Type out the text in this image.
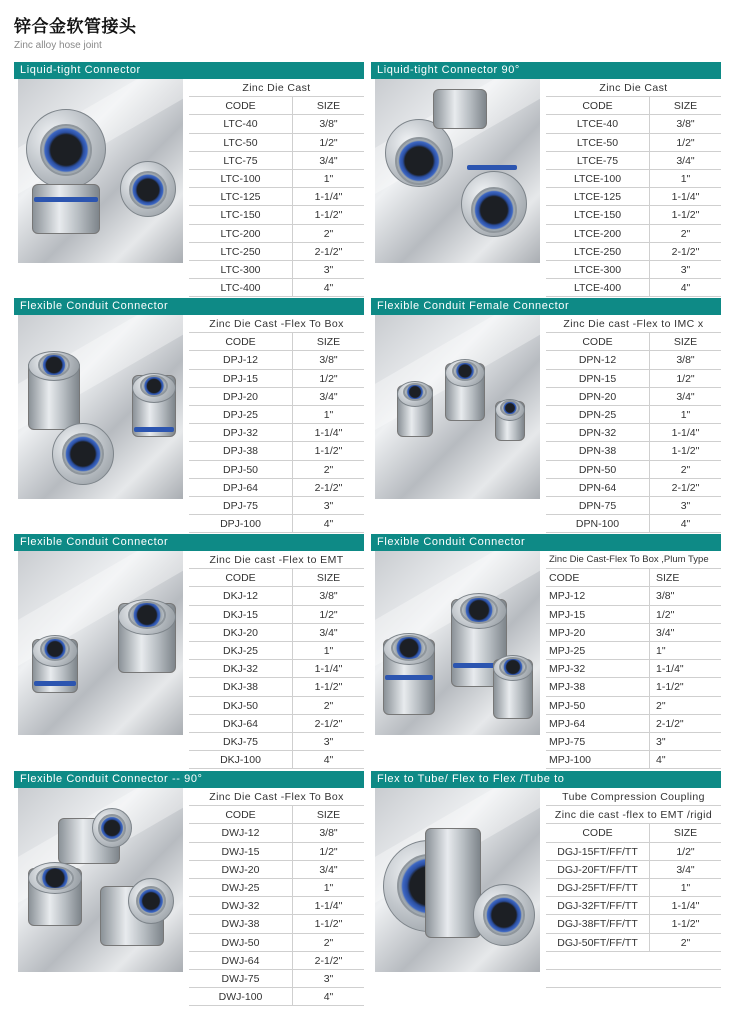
锌合金软管接头
Zinc alloy hose joint
Liquid-tight Connector
Zinc Die Cast
CODE	SIZE
LTC-40	3/8"
LTC-50	1/2"
LTC-75	3/4"
LTC-100	1"
LTC-125	1-1/4"
LTC-150	1-1/2"
LTC-200	2"
LTC-250	2-1/2"
LTC-300	3"
LTC-400	4"
Liquid-tight Connector 90°
Zinc Die Cast
CODE	SIZE
LTCE-40	3/8"
LTCE-50	1/2"
LTCE-75	3/4"
LTCE-100	1"
LTCE-125	1-1/4"
LTCE-150	1-1/2"
LTCE-200	2"
LTCE-250	2-1/2"
LTCE-300	3"
LTCE-400	4"
Flexible Conduit Connector
Zinc Die Cast -Flex To Box
CODE	SIZE
DPJ-12	3/8"
DPJ-15	1/2"
DPJ-20	3/4"
DPJ-25	1"
DPJ-32	1-1/4"
DPJ-38	1-1/2"
DPJ-50	2"
DPJ-64	2-1/2"
DPJ-75	3"
DPJ-100	4"
Flexible Conduit Female Connector
Zinc Die cast -Flex to IMC x
CODE	SIZE
DPN-12	3/8"
DPN-15	1/2"
DPN-20	3/4"
DPN-25	1"
DPN-32	1-1/4"
DPN-38	1-1/2"
DPN-50	2"
DPN-64	2-1/2"
DPN-75	3"
DPN-100	4"
Flexible Conduit Connector
Zinc Die cast -Flex to EMT
CODE	SIZE
DKJ-12	3/8"
DKJ-15	1/2"
DKJ-20	3/4"
DKJ-25	1"
DKJ-32	1-1/4"
DKJ-38	1-1/2"
DKJ-50	2"
DKJ-64	2-1/2"
DKJ-75	3"
DKJ-100	4"
Flexible Conduit Connector
Zinc Die Cast-Flex To Box ,Plum Type
CODE	SIZE
MPJ-12	3/8"
MPJ-15	1/2"
MPJ-20	3/4"
MPJ-25	1"
MPJ-32	1-1/4"
MPJ-38	1-1/2"
MPJ-50	2"
MPJ-64	2-1/2"
MPJ-75	3"
MPJ-100	4"
Flexible Conduit Connector -- 90°
Zinc Die Cast -Flex To Box
CODE	SIZE
DWJ-12	3/8"
DWJ-15	1/2"
DWJ-20	3/4"
DWJ-25	1"
DWJ-32	1-1/4"
DWJ-38	1-1/2"
DWJ-50	2"
DWJ-64	2-1/2"
DWJ-75	3"
DWJ-100	4"
Flex to Tube/ Flex to Flex /Tube to
Tube Compression Coupling
Zinc die cast -flex to EMT /rigid
CODE	SIZE
DGJ-15FT/FF/TT	1/2"
DGJ-20FT/FF/TT	3/4"
DGJ-25FT/FF/TT	1"
DGJ-32FT/FF/TT	1-1/4"
DGJ-38FT/FF/TT	1-1/2"
DGJ-50FT/FF/TT	2"
